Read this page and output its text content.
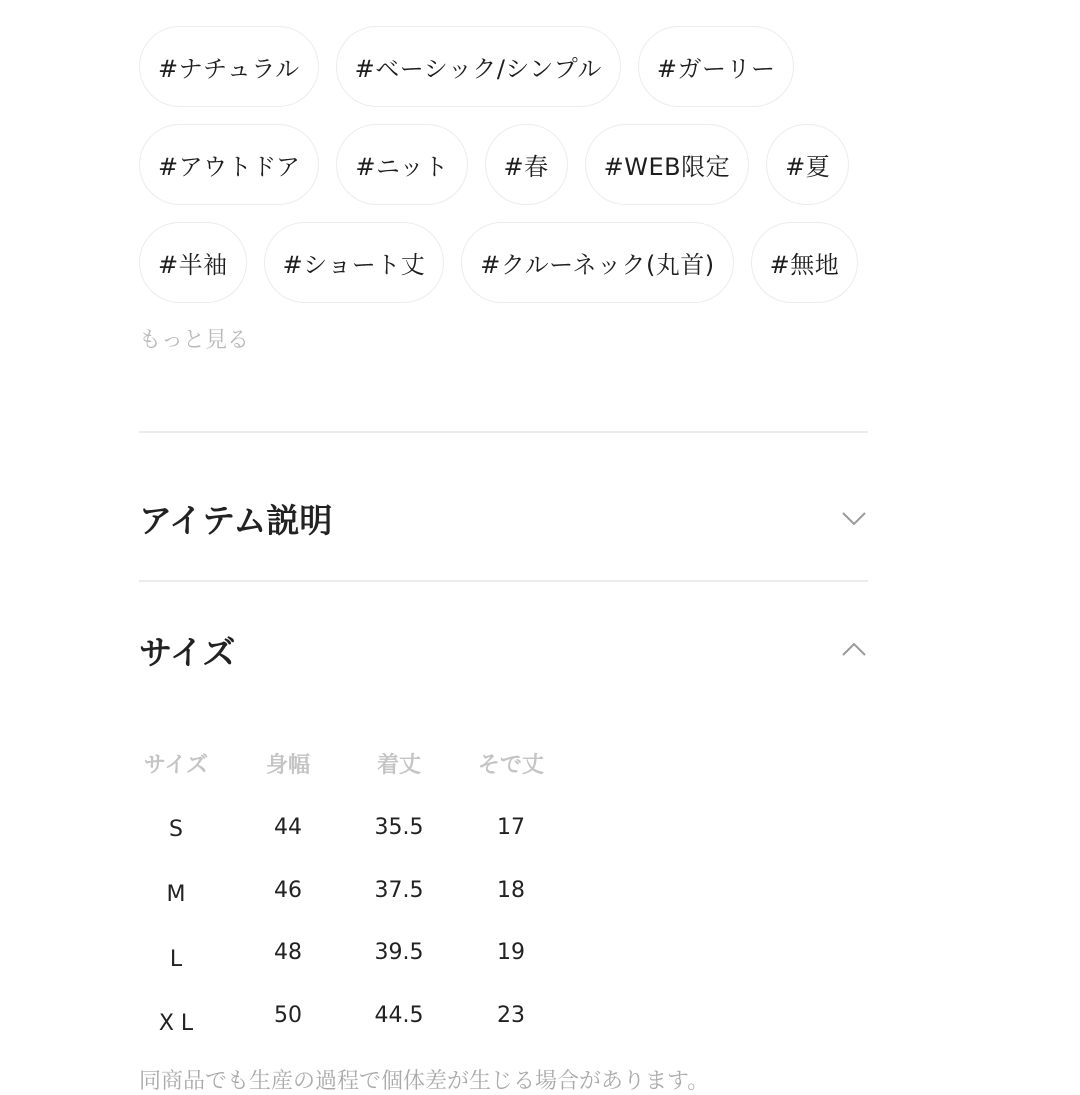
#ナチュラル	#ベーシック/シンプル	#ガーリー
#アウトドア	#ニット	#春	#WEB限定	#夏
#半袖	#ショート丈	#クルーネック(丸首)	#無地
もっと見る
アイテム説明
サイズ
サイズ	身幅	着丈	そで丈
S	44	35.5	17
M	46	37.5	18
L	48	39.5	19
X L	50	44.5	23
同商品でも生産の過程で個体差が生じる場合があります。
